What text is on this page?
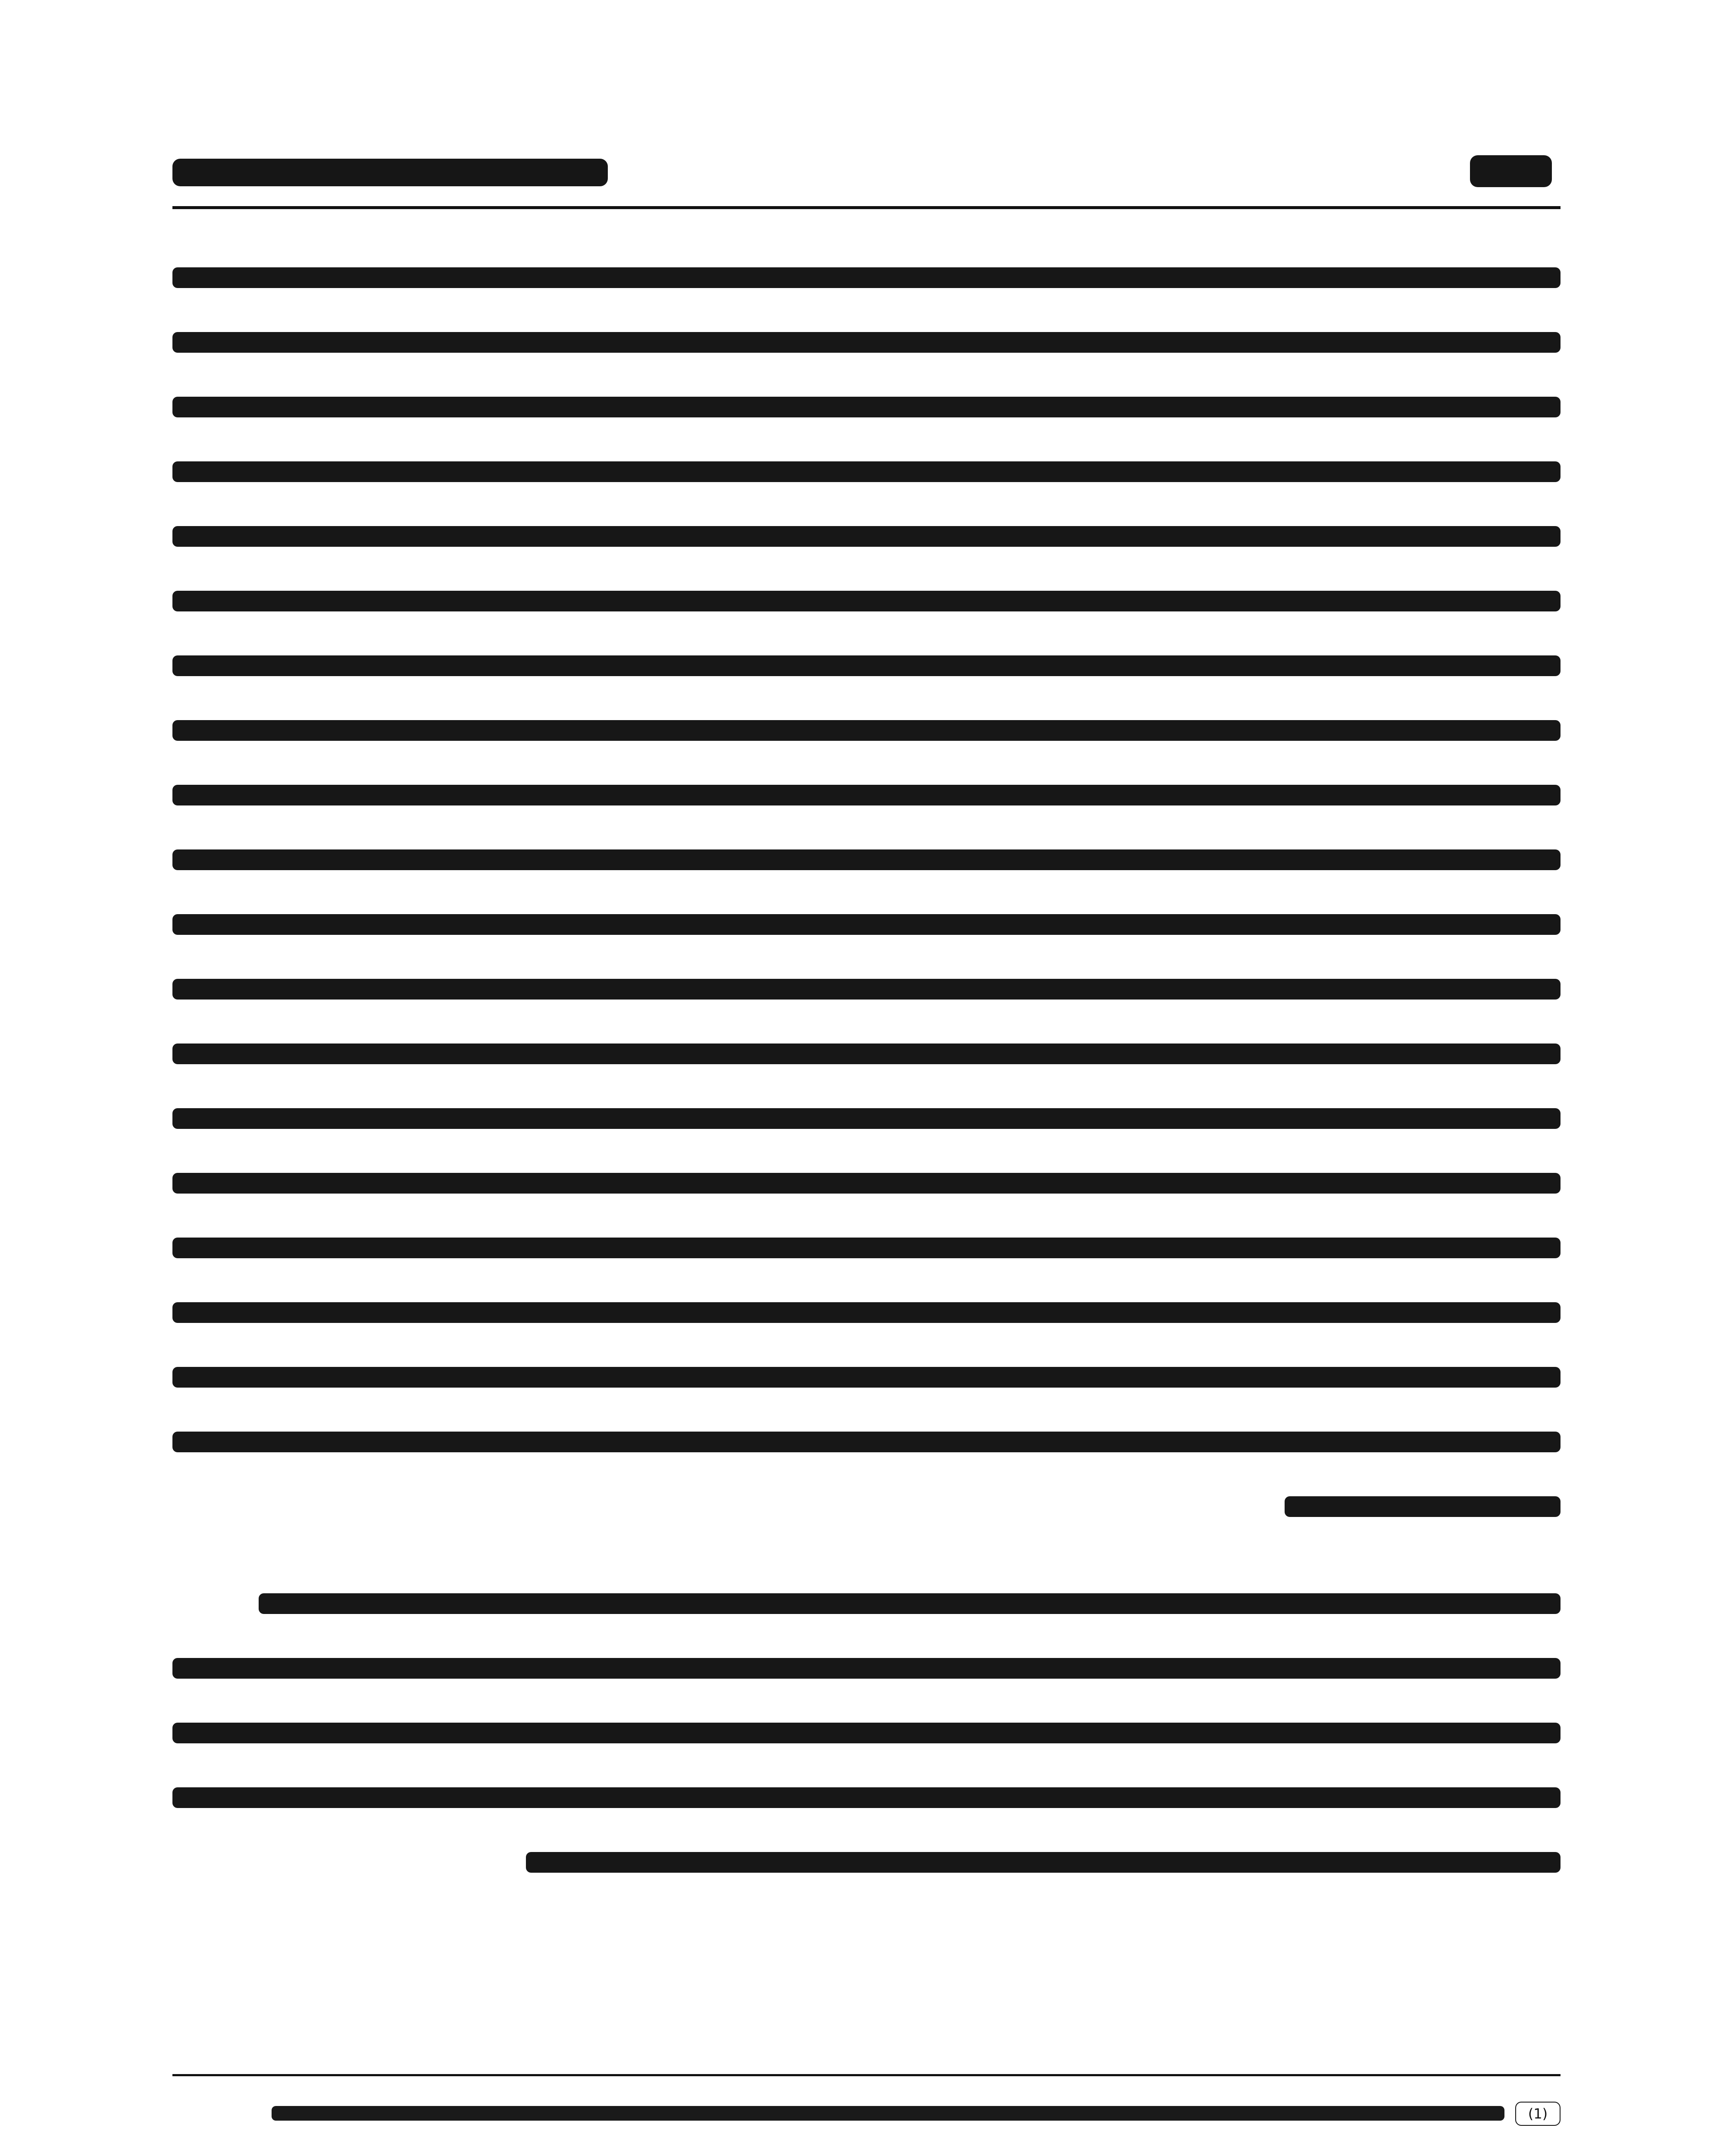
(1)
